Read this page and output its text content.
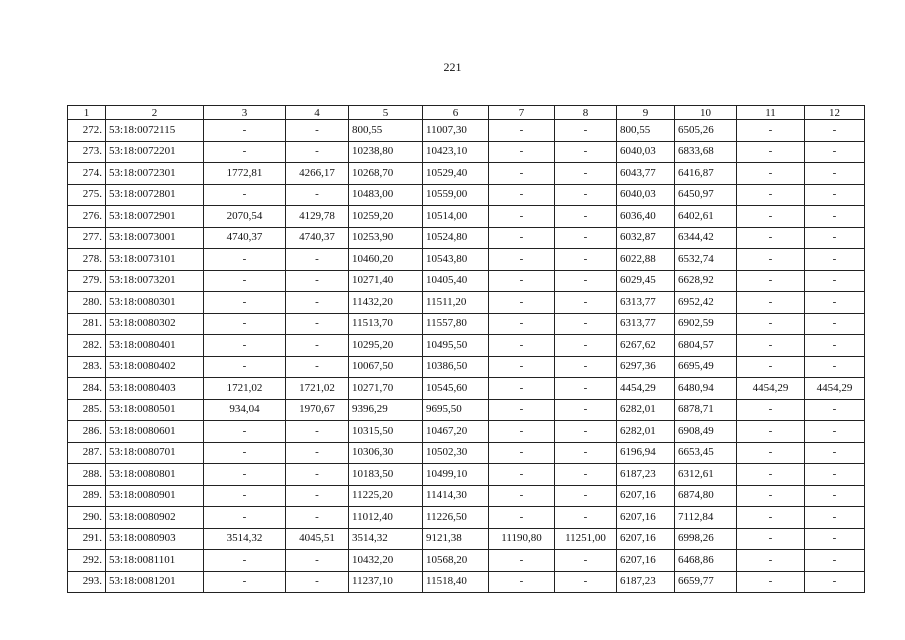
221
1	2	3	4	5	6	7	8	9	10	11	12
272.	53:18:0072115	-	-	800,55	11007,30	-	-	800,55	6505,26	-	-
273.	53:18:0072201	-	-	10238,80	10423,10	-	-	6040,03	6833,68	-	-
274.	53:18:0072301	1772,81	4266,17	10268,70	10529,40	-	-	6043,77	6416,87	-	-
275.	53:18:0072801	-	-	10483,00	10559,00	-	-	6040,03	6450,97	-	-
276.	53:18:0072901	2070,54	4129,78	10259,20	10514,00	-	-	6036,40	6402,61	-	-
277.	53:18:0073001	4740,37	4740,37	10253,90	10524,80	-	-	6032,87	6344,42	-	-
278.	53:18:0073101	-	-	10460,20	10543,80	-	-	6022,88	6532,74	-	-
279.	53:18:0073201	-	-	10271,40	10405,40	-	-	6029,45	6628,92	-	-
280.	53:18:0080301	-	-	11432,20	11511,20	-	-	6313,77	6952,42	-	-
281.	53:18:0080302	-	-	11513,70	11557,80	-	-	6313,77	6902,59	-	-
282.	53:18:0080401	-	-	10295,20	10495,50	-	-	6267,62	6804,57	-	-
283.	53:18:0080402	-	-	10067,50	10386,50	-	-	6297,36	6695,49	-	-
284.	53:18:0080403	1721,02	1721,02	10271,70	10545,60	-	-	4454,29	6480,94	4454,29	4454,29
285.	53:18:0080501	934,04	1970,67	9396,29	9695,50	-	-	6282,01	6878,71	-	-
286.	53:18:0080601	-	-	10315,50	10467,20	-	-	6282,01	6908,49	-	-
287.	53:18:0080701	-	-	10306,30	10502,30	-	-	6196,94	6653,45	-	-
288.	53:18:0080801	-	-	10183,50	10499,10	-	-	6187,23	6312,61	-	-
289.	53:18:0080901	-	-	11225,20	11414,30	-	-	6207,16	6874,80	-	-
290.	53:18:0080902	-	-	11012,40	11226,50	-	-	6207,16	7112,84	-	-
291.	53:18:0080903	3514,32	4045,51	3514,32	9121,38	11190,80	11251,00	6207,16	6998,26	-	-
292.	53:18:0081101	-	-	10432,20	10568,20	-	-	6207,16	6468,86	-	-
293.	53:18:0081201	-	-	11237,10	11518,40	-	-	6187,23	6659,77	-	-
